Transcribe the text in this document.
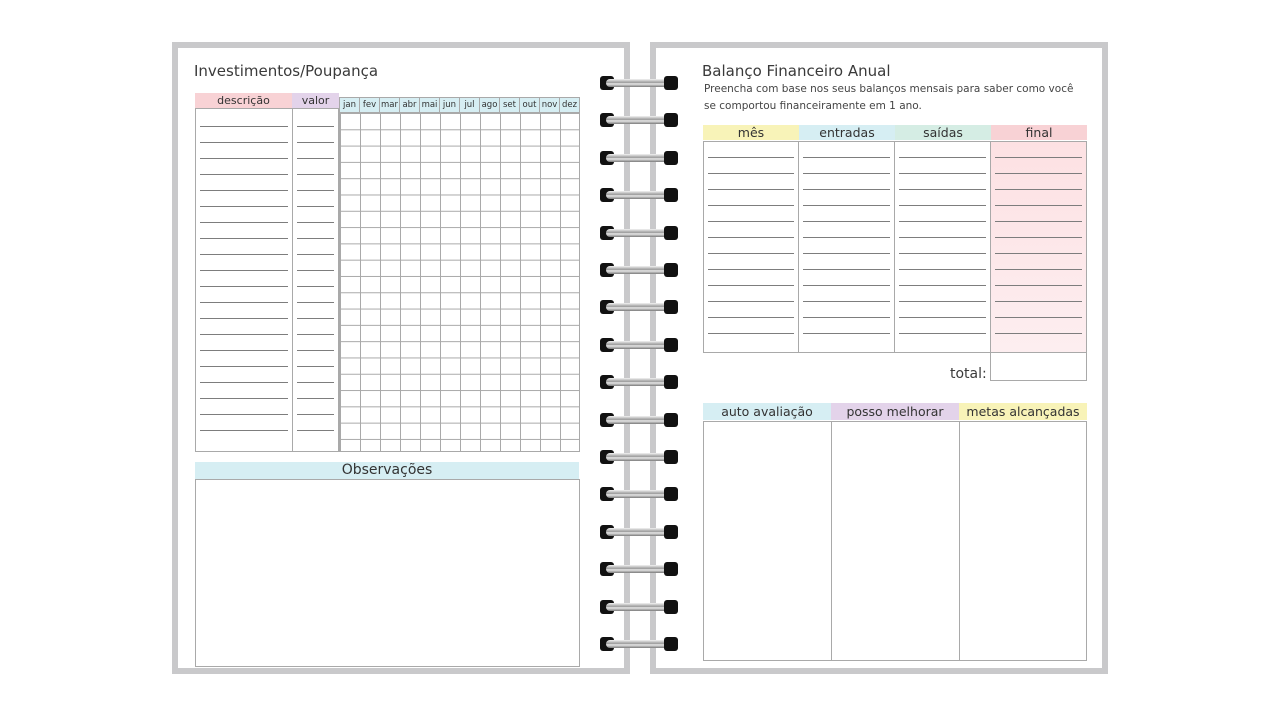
Investimentos/Poupança
descrição	valor	jan fev mar abr mai jun jul ago set out nov dez
Observações
Balanço Financeiro Anual
Preencha com base nos seus balanços mensais para saber como você se comportou financeiramente em 1 ano.
mês	entradas	saídas	final
total:
auto avaliação	posso melhorar	metas alcançadas
